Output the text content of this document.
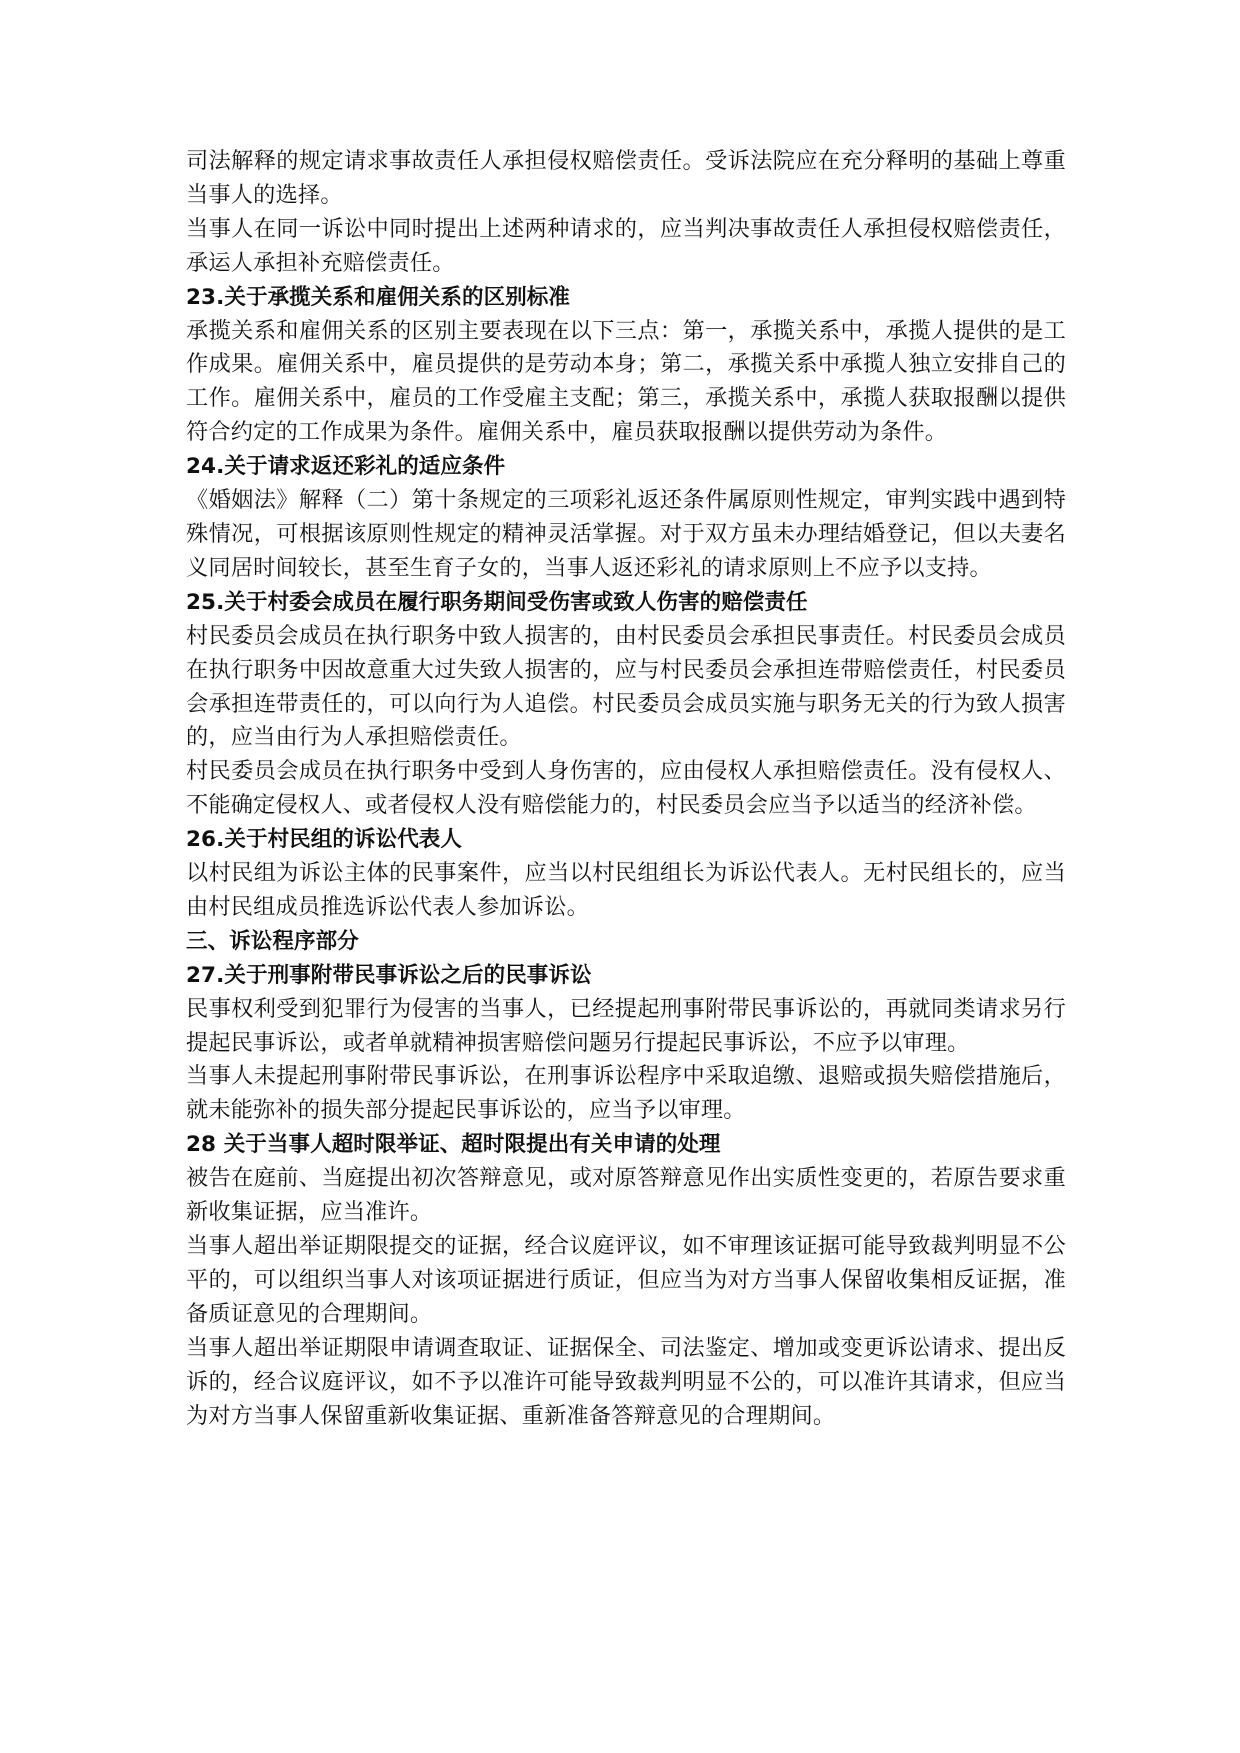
司法解释的规定请求事故责任人承担侵权赔偿责任。受诉法院应在充分释明的基础上尊重当事人的选择。

当事人在同一诉讼中同时提出上述两种请求的，应当判决事故责任人承担侵权赔偿责任，承运人承担补充赔偿责任。

23.关于承揽关系和雇佣关系的区别标准

承揽关系和雇佣关系的区别主要表现在以下三点：第一，承揽关系中，承揽人提供的是工作成果。雇佣关系中，雇员提供的是劳动本身；第二，承揽关系中承揽人独立安排自己的工作。雇佣关系中，雇员的工作受雇主支配；第三，承揽关系中，承揽人获取报酬以提供符合约定的工作成果为条件。雇佣关系中，雇员获取报酬以提供劳动为条件。

24.关于请求返还彩礼的适应条件

《婚姻法》解释（二）第十条规定的三项彩礼返还条件属原则性规定，审判实践中遇到特殊情况，可根据该原则性规定的精神灵活掌握。对于双方虽未办理结婚登记，但以夫妻名义同居时间较长，甚至生育子女的，当事人返还彩礼的请求原则上不应予以支持。

25.关于村委会成员在履行职务期间受伤害或致人伤害的赔偿责任

村民委员会成员在执行职务中致人损害的，由村民委员会承担民事责任。村民委员会成员在执行职务中因故意重大过失致人损害的，应与村民委员会承担连带赔偿责任，村民委员会承担连带责任的，可以向行为人追偿。村民委员会成员实施与职务无关的行为致人损害的，应当由行为人承担赔偿责任。

村民委员会成员在执行职务中受到人身伤害的，应由侵权人承担赔偿责任。没有侵权人、不能确定侵权人、或者侵权人没有赔偿能力的，村民委员会应当予以适当的经济补偿。

26.关于村民组的诉讼代表人

以村民组为诉讼主体的民事案件，应当以村民组组长为诉讼代表人。无村民组长的，应当由村民组成员推选诉讼代表人参加诉讼。

三、诉讼程序部分
27.关于刑事附带民事诉讼之后的民事诉讼

民事权利受到犯罪行为侵害的当事人，已经提起刑事附带民事诉讼的，再就同类请求另行提起民事诉讼，或者单就精神损害赔偿问题另行提起民事诉讼，不应予以审理。

当事人未提起刑事附带民事诉讼，在刑事诉讼程序中采取追缴、退赔或损失赔偿措施后，就未能弥补的损失部分提起民事诉讼的，应当予以审理。

28 关于当事人超时限举证、超时限提出有关申请的处理

被告在庭前、当庭提出初次答辩意见，或对原答辩意见作出实质性变更的，若原告要求重新收集证据，应当准许。

当事人超出举证期限提交的证据，经合议庭评议，如不审理该证据可能导致裁判明显不公平的，可以组织当事人对该项证据进行质证，但应当为对方当事人保留收集相反证据，准备质证意见的合理期间。

当事人超出举证期限申请调查取证、证据保全、司法鉴定、增加或变更诉讼请求、提出反诉的，经合议庭评议，如不予以准许可能导致裁判明显不公的，可以准许其请求，但应当为对方当事人保留重新收集证据、重新准备答辩意见的合理期间。
